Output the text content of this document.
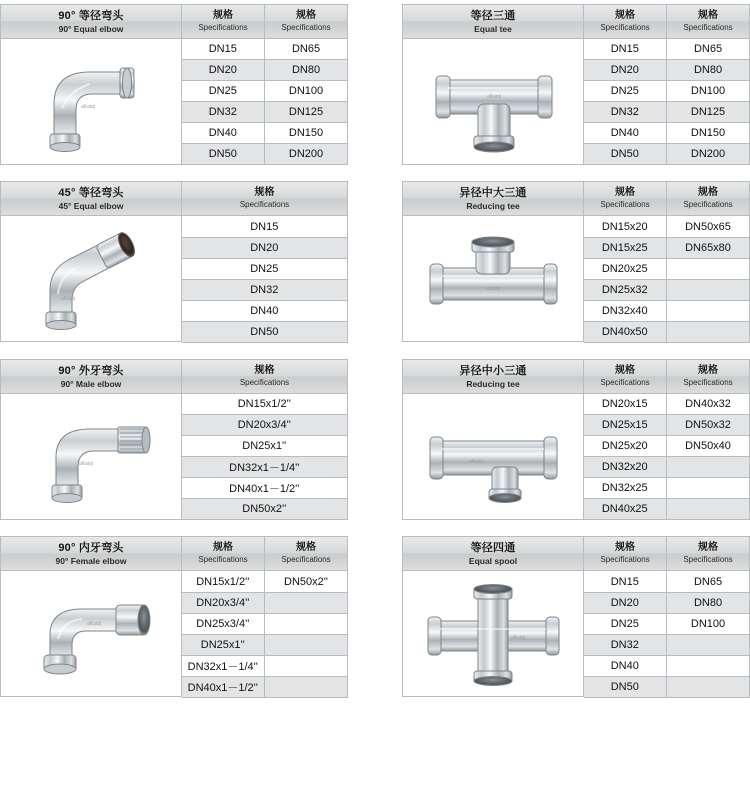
90° 等径弯头
90° Equal elbow
规格
Specifications
规格
Specifications
aKaiqi
DN15	DN65
DN20	DN80
DN25	DN100
DN32	DN125
DN40	DN150
DN50	DN200
等径三通
Equal tee
规格
Specifications
规格
Specifications
aKaiqi
DN15	DN65
DN20	DN80
DN25	DN100
DN32	DN125
DN40	DN150
DN50	DN200
45° 等径弯头
45° Equal elbow
规格
Specifications
aKaiqi
DN15
DN20
DN25
DN32
DN40
DN50
异径中大三通
Reducing tee
规格
Specifications
规格
Specifications
aKaiqi
DN15x20	DN50x65
DN15x25	DN65x80
DN20x25	
DN25x32	
DN32x40	
DN40x50	
90° 外牙弯头
90° Male elbow
规格
Specifications
aKaiqi
DN15x1/2''
DN20x3/4''
DN25x1''
DN32x1－1/4''
DN40x1－1/2''
DN50x2''
异径中小三通
Reducing tee
规格
Specifications
规格
Specifications
aKaiqi
DN20x15	DN40x32
DN25x15	DN50x32
DN25x20	DN50x40
DN32x20	
DN32x25	
DN40x25	
90° 内牙弯头
90° Female elbow
规格
Specifications
规格
Specifications
aKaiqi
DN15x1/2''	DN50x2''
DN20x3/4''	
DN25x3/4''	
DN25x1''	
DN32x1－1/4''	
DN40x1－1/2''	
等径四通
Equal spool
规格
Specifications
规格
Specifications
aKaiqi
DN15	DN65
DN20	DN80
DN25	DN100
DN32	
DN40	
DN50	
